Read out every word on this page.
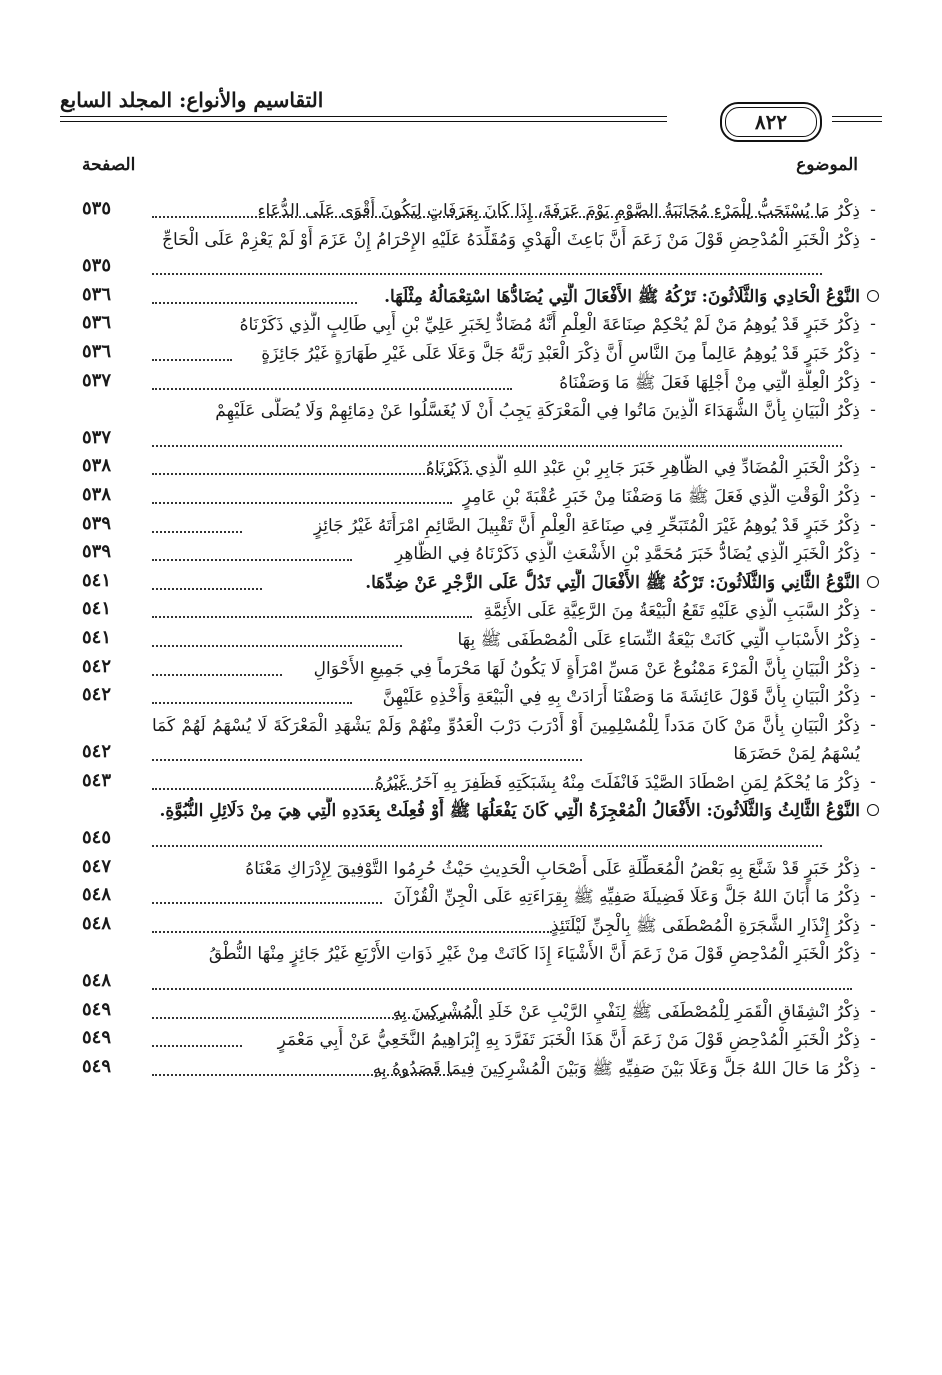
التقاسيم والأنواع: المجلد السابع
٨٢٢
الموضوع
الصفحة
-
ذِكْرُ مَا يُسْتَحَبُّ لِلْمَرْءِ مُجَانَبَةُ الصَّوْمِ يَوْمَ عَرَفَةَ، إِذَا كَانَ بِعَرَفَاتٍ لِيَكُونَ أَقْوَى عَلَى الدُّعَاءِ
٥٣٥
-
ذِكْرُ الْخَبَرِ الْمُدْحِضِ قَوْلَ مَنْ زَعَمَ أَنَّ بَاعِثَ الْهَدْيِ وَمُقَلِّدَهُ عَلَيْهِ الإِحْرَامُ إِنْ عَزَمَ أَوْ لَمْ يَعْزِمْ عَلَى الْحَاجِّ
٥٣٥
النَّوْعُ الْحَادِي وَالثَّلَاثُونَ: تَرْكُهُ ﷺ الأَفْعَالَ الَّتِي يُضَادُّهَا اسْتِعْمَالُهُ مِثْلَهَا.
٥٣٦
-
ذِكْرُ خَبَرٍ قَدْ يُوهِمُ مَنْ لَمْ يُحْكِمْ صِنَاعَةَ الْعِلْمِ أَنَّهُ مُضَادٌّ لِخَبَرِ عَلِيِّ بْنِ أَبِي طَالِبٍ الَّذِي ذَكَرْنَاهُ
٥٣٦
-
ذِكْرُ خَبَرٍ قَدْ يُوهِمُ عَالِماً مِنَ النَّاسِ أَنَّ ذِكْرَ الْعَبْدِ رَبَّهُ جَلَّ وَعَلَا عَلَى غَيْرِ طَهَارَةٍ غَيْرُ جَائِزَةٍ
٥٣٦
-
ذِكْرُ الْعِلَّةِ الَّتِي مِنْ أَجْلِهَا فَعَلَ ﷺ مَا وَصَفْنَاهُ
٥٣٧
-
ذِكْرُ الْبَيَانِ بِأَنَّ الشُّهَدَاءَ الَّذِينَ مَاتُوا فِي الْمَعْرَكَةِ يَجِبُ أَنْ لَا يُغَسَّلُوا عَنْ دِمَائِهِمْ وَلَا يُصَلَّى عَلَيْهِمْ
٥٣٧
-
ذِكْرُ الْخَبَرِ الْمُضَادِّ فِي الظَّاهِرِ خَبَرَ جَابِرِ بْنِ عَبْدِ اللهِ الَّذِي ذَكَرْنَاهُ
٥٣٨
-
ذِكْرُ الْوَقْتِ الَّذِي فَعَلَ ﷺ مَا وَصَفْنَا مِنْ خَبَرِ عُقْبَةَ بْنِ عَامِرٍ
٥٣٨
-
ذِكْرُ خَبَرٍ قَدْ يُوهِمُ غَيْرَ الْمُتَبَحِّرِ فِي صِنَاعَةِ الْعِلْمِ أَنَّ تَقْبِيلَ الصَّائِمِ امْرَأَتَهُ غَيْرُ جَائِزٍ
٥٣٩
-
ذِكْرُ الْخَبَرِ الَّذِي يُضَادُّ خَبَرَ مُحَمَّدِ بْنِ الأَشْعَثِ الَّذِي ذَكَرْنَاهُ فِي الظَّاهِرِ
٥٣٩
النَّوْعُ الثَّانِي وَالثَّلَاثُونَ: تَرْكُهُ ﷺ الأَفْعَالَ الَّتِي تَدُلُّ عَلَى الزَّجْرِ عَنْ ضِدِّهَا.
٥٤١
-
ذِكْرُ السَّبَبِ الَّذِي عَلَيْهِ تَقَعُ الْبَيْعَةُ مِنَ الرَّعِيَّةِ عَلَى الأَئِمَّةِ
٥٤١
-
ذِكْرُ الأَسْبَابِ الَّتِي كَانَتْ بَيْعَةُ النِّسَاءِ عَلَى الْمُصْطَفَى ﷺ بِهَا
٥٤١
-
ذِكْرُ الْبَيَانِ بِأَنَّ الْمَرْءَ مَمْنُوعٌ عَنْ مَسِّ امْرَأَةٍ لَا يَكُونُ لَهَا مَحْرَماً فِي جَمِيعِ الأَحْوَالِ
٥٤٢
-
ذِكْرُ الْبَيَانِ بِأَنَّ قَوْلَ عَائِشَةَ مَا وَصَفْنَا أَرَادَتْ بِهِ فِي الْبَيْعَةِ وَأَخْذِهِ عَلَيْهِنَّ
٥٤٢
-
ذِكْرُ الْبَيَانِ بِأَنَّ مَنْ كَانَ مَدَداً لِلْمُسْلِمِينَ أَوْ أَدْرَبَ دَرْبَ الْعَدُوِّ مِنْهُمْ وَلَمْ يَشْهَدِ الْمَعْرَكَةَ لَا يُسْهَمُ لَهُمْ كَمَا يُسْهَمُ لِمَنْ حَضَرَهَا
٥٤٢
-
ذِكْرُ مَا يُحْكَمُ لِمَنِ اصْطَادَ الصَّيْدَ فَانْفَلَتَ مِنْهُ بِشَبَكَتِهِ فَظَفِرَ بِهِ آخَرُ غَيْرُهُ
٥٤٣
النَّوْعُ الثَّالِثُ وَالثَّلَاثُونَ: الأَفْعَالُ الْمُعْجِزَةُ الَّتِي كَانَ يَفْعَلُهَا ﷺ أَوْ فُعِلَتْ بِعَدَدِهِ الَّتِي هِيَ مِنْ دَلَائِلِ النُّبُوَّةِ.
٥٤٥
-
ذِكْرُ خَبَرٍ قَدْ شَنَّعَ بِهِ بَعْضُ الْمُعَطِّلَةِ عَلَى أَصْحَابِ الْحَدِيثِ حَيْثُ حُرِمُوا التَّوْفِيقَ لِإِدْرَاكِ مَعْنَاهُ
٥٤٧
-
ذِكْرُ مَا أَبَانَ اللهُ جَلَّ وَعَلَا فَضِيلَةَ صَفِيِّهِ ﷺ بِقِرَاءَتِهِ عَلَى الْجِنِّ الْقُرْآنَ
٥٤٨
-
ذِكْرُ إِنْذَارِ الشَّجَرَةِ الْمُصْطَفَى ﷺ بِالْجِنِّ لَيْلَتَئِذٍ
٥٤٨
-
ذِكْرُ الْخَبَرِ الْمُدْحِضِ قَوْلَ مَنْ زَعَمَ أَنَّ الأَشْيَاءَ إِذَا كَانَتْ مِنْ غَيْرِ ذَوَاتِ الأَرْبَعِ غَيْرُ جَائِزٍ مِنْهَا النُّطْقُ
٥٤٨
-
ذِكْرُ انْشِقَاقِ الْقَمَرِ لِلْمُصْطَفَى ﷺ لِنَفْيِ الرَّيْبِ عَنْ خَلَدِ الْمُشْرِكِينَ بِهِ
٥٤٩
-
ذِكْرُ الْخَبَرِ الْمُدْحِضِ قَوْلَ مَنْ زَعَمَ أَنَّ هَذَا الْخَبَرَ تَفَرَّدَ بِهِ إِبْرَاهِيمُ النَّخَعِيُّ عَنْ أَبِي مَعْمَرٍ
٥٤٩
-
ذِكْرُ مَا حَالَ اللهُ جَلَّ وَعَلَا بَيْنَ صَفِيِّهِ ﷺ وَبَيْنَ الْمُشْرِكِينَ فِيمَا قَصَدُوهُ بِهِ
٥٤٩
